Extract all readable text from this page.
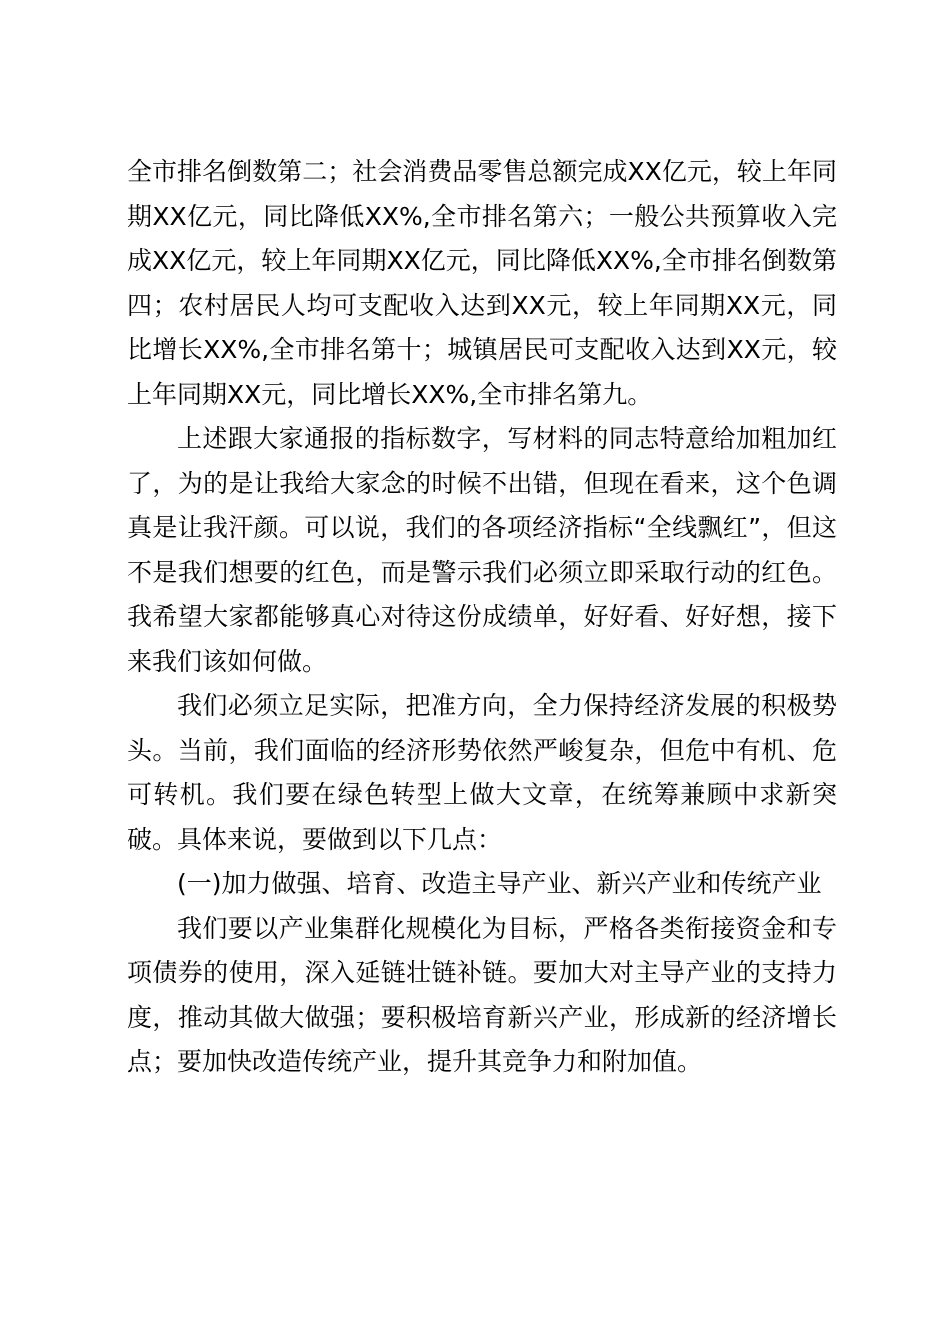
全市排名倒数第二；社会消费品零售总额完成XX亿元，较上年同期XX亿元，同比降低XX%,全市排名第六；一般公共预算收入完成XX亿元，较上年同期XX亿元，同比降低XX%,全市排名倒数第四；农村居民人均可支配收入达到XX元，较上年同期XX元，同比增长XX%,全市排名第十；城镇居民可支配收入达到XX元，较上年同期XX元，同比增长XX%,全市排名第九。

上述跟大家通报的指标数字，写材料的同志特意给加粗加红了，为的是让我给大家念的时候不出错，但现在看来，这个色调真是让我汗颜。可以说，我们的各项经济指标“全线飘红”，但这不是我们想要的红色，而是警示我们必须立即采取行动的红色。我希望大家都能够真心对待这份成绩单，好好看、好好想，接下来我们该如何做。

我们必须立足实际，把准方向，全力保持经济发展的积极势头。当前，我们面临的经济形势依然严峻复杂，但危中有机、危可转机。我们要在绿色转型上做大文章，在统筹兼顾中求新突破。具体来说，要做到以下几点：

(一)加力做强、培育、改造主导产业、新兴产业和传统产业

我们要以产业集群化规模化为目标，严格各类衔接资金和专项债券的使用，深入延链壮链补链。要加大对主导产业的支持力度，推动其做大做强；要积极培育新兴产业，形成新的经济增长点；要加快改造传统产业，提升其竞争力和附加值。
